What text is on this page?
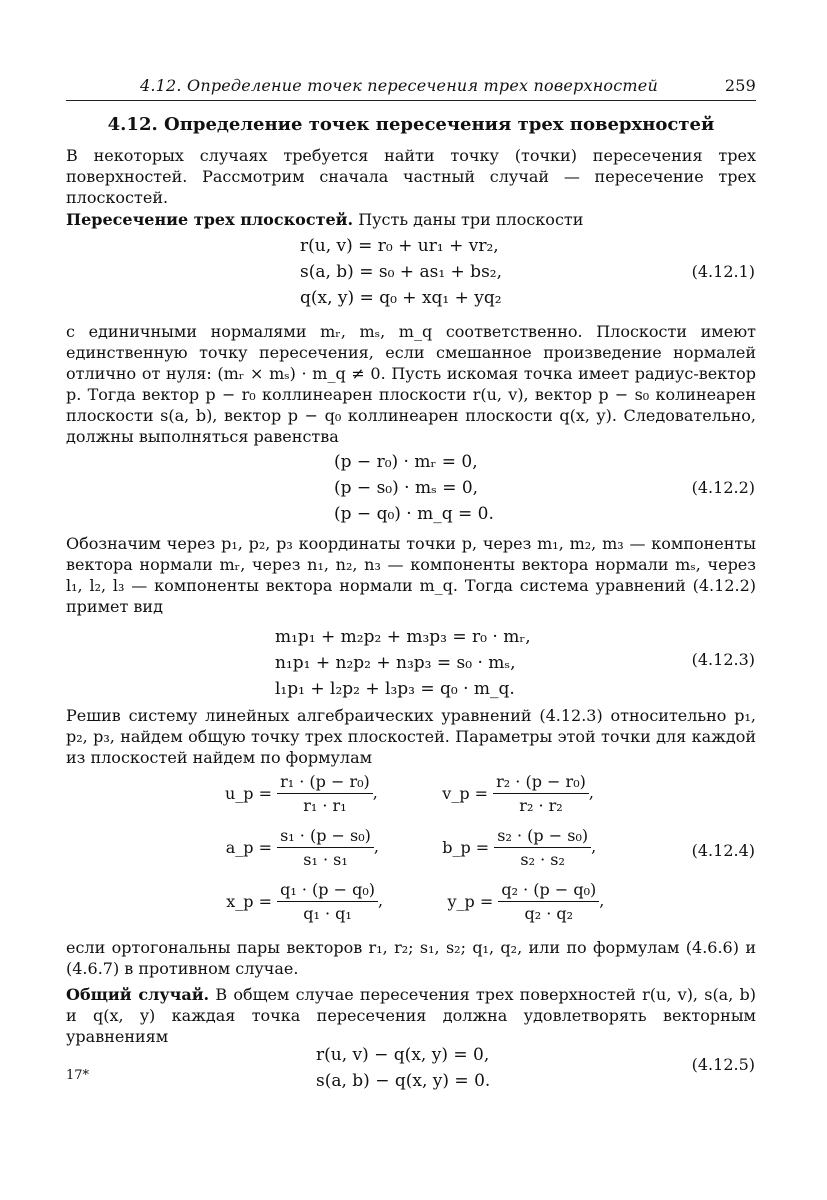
4.12. Определение точек пересечения трех поверхностей	259
4.12. Определение точек пересечения трех поверхностей
В некоторых случаях требуется найти точку (точки) пересечения трех поверхностей. Рассмотрим сначала частный случай — пересечение трех плоскостей.
Пересечение трех плоскостей. Пусть даны три плоскости
r(u, v) = r₀ + ur₁ + vr₂,
s(a, b) = s₀ + as₁ + bs₂,
q(x, y) = q₀ + xq₁ + yq₂
(4.12.1)
с единичными нормалями mᵣ, mₛ, m_q соответственно. Плоскости имеют единственную точку пересечения, если смешанное произведение нормалей отлично от нуля: (mᵣ × mₛ) · m_q ≠ 0. Пусть искомая точка имеет радиус-вектор p. Тогда вектор p − r₀ коллинеарен плоскости r(u, v), вектор p − s₀ колинеарен плоскости s(a, b), вектор p − q₀ коллинеарен плоскости q(x, y). Следовательно, должны выполняться равенства
(p − r₀) · mᵣ = 0,
(p − s₀) · mₛ = 0,
(p − q₀) · m_q = 0.
(4.12.2)
Обозначим через p₁, p₂, p₃ координаты точки p, через m₁, m₂, m₃ — компоненты вектора нормали mᵣ, через n₁, n₂, n₃ — компоненты вектора нормали mₛ, через l₁, l₂, l₃ — компоненты вектора нормали m_q. Тогда система уравнений (4.12.2) примет вид
m₁p₁ + m₂p₂ + m₃p₃ = r₀ · mᵣ,
n₁p₁ + n₂p₂ + n₃p₃ = s₀ · mₛ,
l₁p₁ + l₂p₂ + l₃p₃ = q₀ · m_q.
(4.12.3)
Решив систему линейных алгебраических уравнений (4.12.3) относительно p₁, p₂, p₃, найдем общую точку трех плоскостей. Параметры этой точки для каждой из плоскостей найдем по формулам
u_p = $\frac{\text{r₁ · (p − r₀)}}{\text{r₁ · r₁}}$ ,	v_p = $\frac{\text{r₂ · (p − r₀)}}{\text{r₂ · r₂}}$ ,
a_p = $\frac{\text{s₁ · (p − s₀)}}{\text{s₁ · s₁}}$ ,	b_p = $\frac{\text{s₂ · (p − s₀)}}{\text{s₂ · s₂}}$ ,
x_p = $\frac{\text{q₁ · (p − q₀)}}{\text{q₁ · q₁}}$ ,	y_p = $\frac{\text{q₂ · (p − q₀)}}{\text{q₂ · q₂}}$ ,
(4.12.4)
если ортогональны пары векторов r₁, r₂; s₁, s₂; q₁, q₂, или по формулам (4.6.6) и (4.6.7) в противном случае.
Общий случай. В общем случае пересечения трех поверхностей r(u, v), s(a, b) и q(x, y) каждая точка пересечения должна удовлетворять векторным уравнениям
r(u, v) − q(x, y) = 0,
s(a, b) − q(x, y) = 0.
(4.12.5)
17*
